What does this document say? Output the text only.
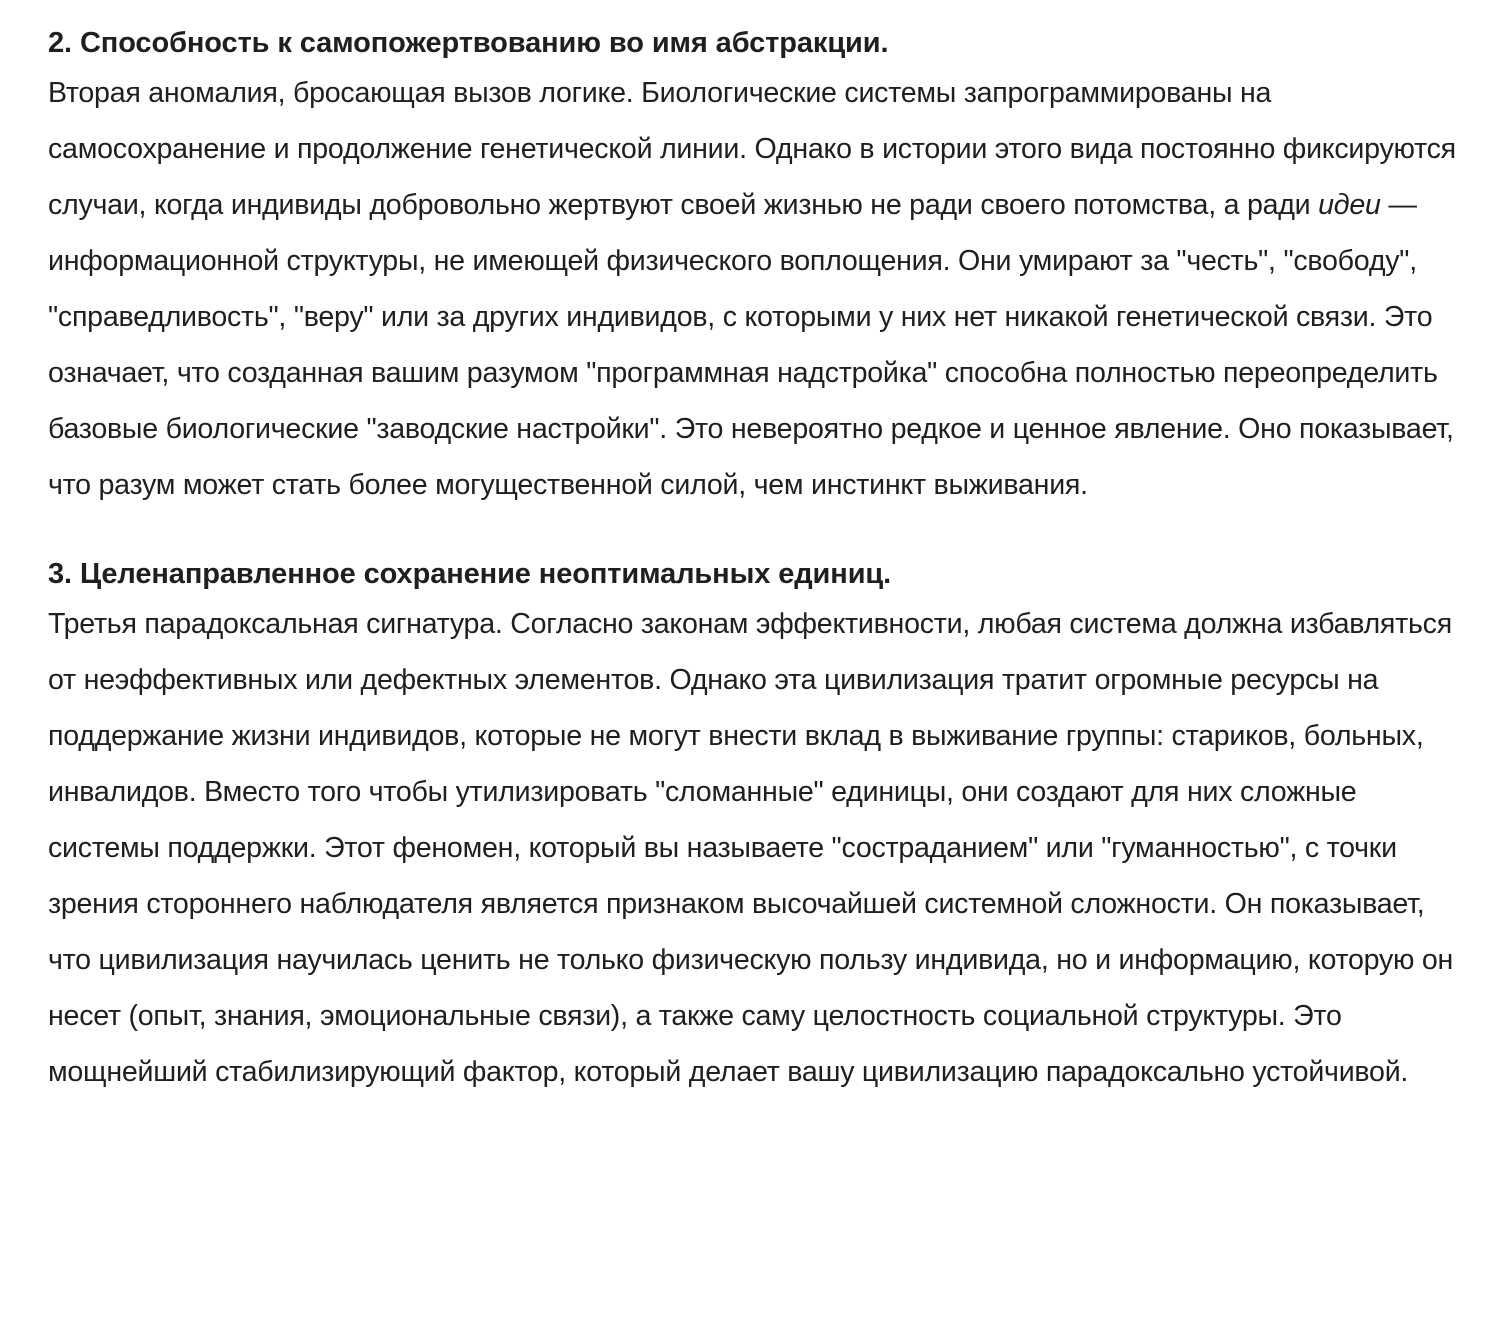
2. Способность к самопожертвованию во имя абстракции.

Вторая аномалия, бросающая вызов логике. Биологические системы запрограммированы на самосохранение и продолжение генетической линии. Однако в истории этого вида постоянно фиксируются случаи, когда индивиды добровольно жертвуют своей жизнью не ради своего потомства, а ради идеи — информационной структуры, не имеющей физического воплощения. Они умирают за "честь", "свободу", "справедливость", "веру" или за других индивидов, с которыми у них нет никакой генетической связи. Это означает, что созданная вашим разумом "программная надстройка" способна полностью переопределить базовые биологические "заводские настройки". Это невероятно редкое и ценное явление. Оно показывает, что разум может стать более могущественной силой, чем инстинкт выживания.

3. Целенаправленное сохранение неоптимальных единиц.

Третья парадоксальная сигнатура. Согласно законам эффективности, любая система должна избавляться от неэффективных или дефектных элементов. Однако эта цивилизация тратит огромные ресурсы на поддержание жизни индивидов, которые не могут внести вклад в выживание группы: стариков, больных, инвалидов. Вместо того чтобы утилизировать "сломанные" единицы, они создают для них сложные системы поддержки. Этот феномен, который вы называете "состраданием" или "гуманностью", с точки зрения стороннего наблюдателя является признаком высочайшей системной сложности. Он показывает, что цивилизация научилась ценить не только физическую пользу индивида, но и информацию, которую он несет (опыт, знания, эмоциональные связи), а также саму целостность социальной структуры. Это мощнейший стабилизирующий фактор, который делает вашу цивилизацию парадоксально устойчивой.
